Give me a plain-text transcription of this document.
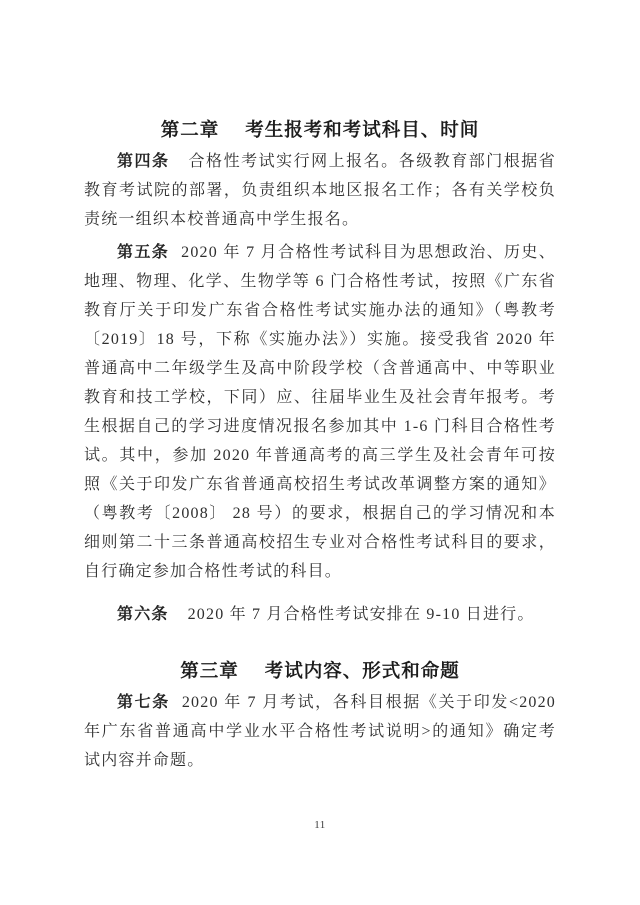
第二章 考生报考和考试科目、时间

第四条 合格性考试实行网上报名。各级教育部门根据省教育考试院的部署，负责组织本地区报名工作；各有关学校负责统一组织本校普通高中学生报名。

第五条 2020 年 7 月合格性考试科目为思想政治、历史、地理、物理、化学、生物学等 6 门合格性考试，按照《广东省教育厅关于印发广东省合格性考试实施办法的通知》（粤教考〔2019〕18 号，下称《实施办法》）实施。接受我省 2020 年普通高中二年级学生及高中阶段学校（含普通高中、中等职业教育和技工学校，下同）应、往届毕业生及社会青年报考。考生根据自己的学习进度情况报名参加其中 1-6 门科目合格性考试。其中，参加 2020 年普通高考的高三学生及社会青年可按照《关于印发广东省普通高校招生考试改革调整方案的通知》（粤教考〔2008〕 28 号）的要求，根据自己的学习情况和本细则第二十三条普通高校招生专业对合格性考试科目的要求，自行确定参加合格性考试的科目。

第六条 2020 年 7 月合格性考试安排在 9-10 日进行。

第三章 考试内容、形式和命题

第七条 2020 年 7 月考试，各科目根据《关于印发<2020 年广东省普通高中学业水平合格性考试说明>的通知》确定考试内容并命题。

11
